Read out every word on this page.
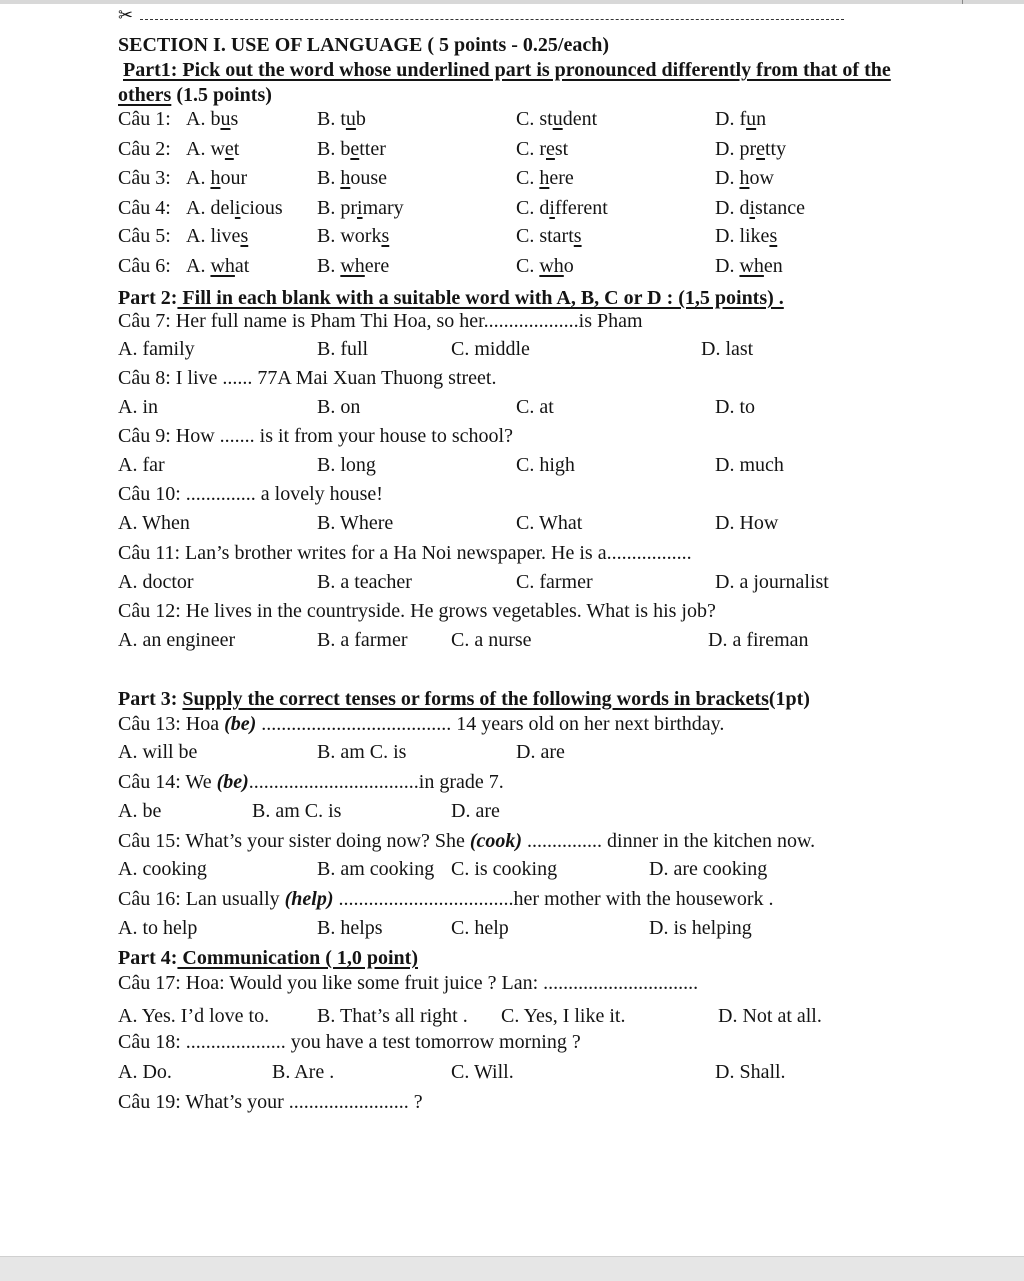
✂
SECTION I. USE OF LANGUAGE ( 5 points - 0.25/each)
Part1: Pick out the word whose underlined part is pronounced differently from that of the
others (1.5 points)
Câu 1: A. bus	B. tub	C. student	D. fun
Câu 2: A. wet	B. better	C. rest	D. pretty
Câu 3: A. hour	B. house	C. here	D. how
Câu 4: A. delicious B. primary	C. different	D. distance
Câu 5: A. lives	B. works	C. starts	D. likes
Câu 6: A. what	B. where	C. who	D. when
Part 2: Fill in each blank with a suitable word with A, B, C or D : (1,5 points) .
Câu 7: Her full name is Pham Thi Hoa, so her...................is Pham
A. family	B. full	C. middle	D. last
Câu 8: I live ...... 77A Mai Xuan Thuong street.
A. in	B. on	C. at	D. to
Câu 9: How ....... is it from your house to school?
A. far	B. long	C. high	D. much
Câu 10: .............. a lovely house!
A. When	B. Where	C. What	D. How
Câu 11: Lan’s brother writes for a Ha Noi newspaper. He is a.................
A. doctor	B. a teacher	C. farmer	D. a journalist
Câu 12: He lives in the countryside. He grows vegetables. What is his job?
A. an engineer	B. a farmer C. a nurse	D. a fireman
Part 3: Supply the correct tenses or forms of the following words in brackets(1pt)
Câu 13: Hoa (be) ...................................... 14 years old on her next birthday.
A. will be	B. am C. is	D. are
Câu 14: We (be)..................................in grade 7.
A. be	B. am C. is	D. are
Câu 15: What’s your sister doing now? She (cook) ............... dinner in the kitchen now.
A. cooking	B. am cooking C. is cooking	D. are cooking
Câu 16: Lan usually (help) ...................................her mother with the housework .
A. to help	B. helps	C. help	D. is helping
Part 4: Communication ( 1,0 point)
Câu 17: Hoa: Would you like some fruit juice ? Lan: ...............................
A. Yes. I’d love to. B. That’s all right . C. Yes, I like it.	D. Not at all.
Câu 18: .................... you have a test tomorrow morning ?
A. Do.	B. Are .	C. Will.	D. Shall.
Câu 19: What’s your ........................ ?
